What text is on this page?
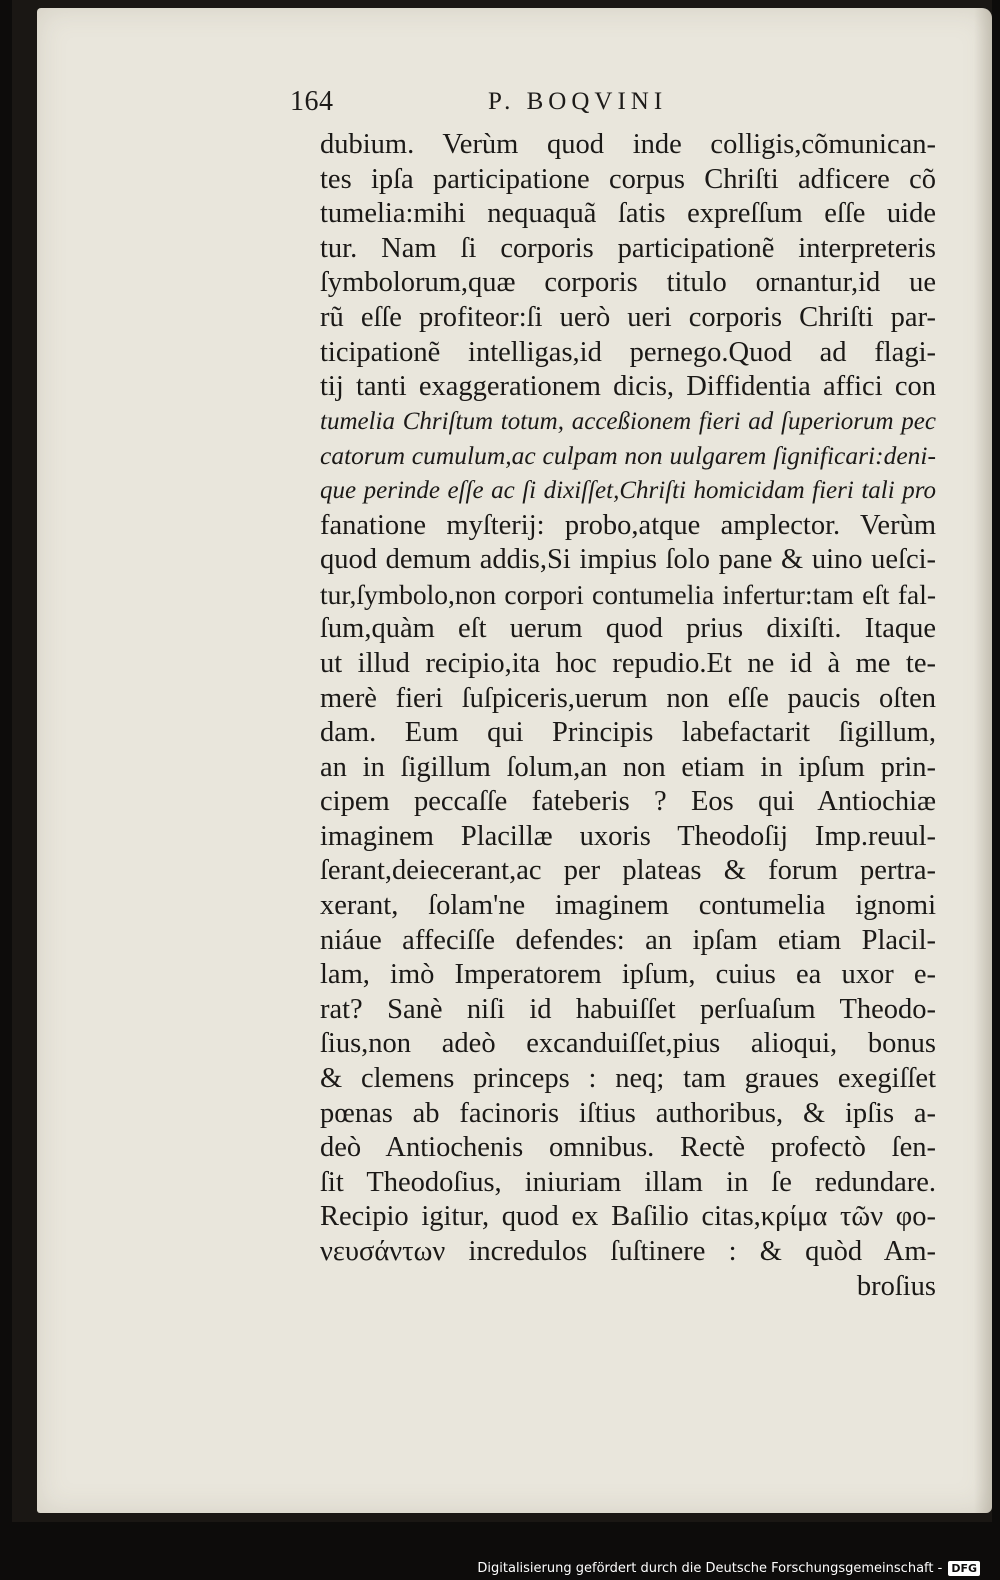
164	P. BOQVINI
dubium. Verùm quod inde colligis,cõmunican-
tes ipſa participatione corpus Chriſti adficere cõ
tumelia:mihi nequaquã ſatis expreſſum eſſe uide
tur. Nam ſi corporis participationẽ interpreteris
ſymbolorum,quæ corporis titulo ornantur,id ue
rũ eſſe profiteor:ſi uerò ueri corporis Chriſti par-
ticipationẽ intelligas,id pernego.Quod ad flagi-
tij tanti exaggerationem dicis, Diffidentia affici con
tumelia Chriſtum totum, acceßionem fieri ad ſuperiorum pec
catorum cumulum,ac culpam non uulgarem ſignificari:deni-
que perinde eſſe ac ſi dixiſſet,Chriſti homicidam fieri tali pro
fanatione myſterij: probo,atque amplector. Verùm
quod demum addis,Si impius ſolo pane & uino ueſci-
tur,ſymbolo,non corpori contumelia infertur:tam eſt fal-
ſum,quàm eſt uerum quod prius dixiſti. Itaque
ut illud recipio,ita hoc repudio.Et ne id à me te-
merè fieri ſuſpiceris,uerum non eſſe paucis oſten
dam. Eum qui Principis labefactarit ſigillum,
an in ſigillum ſolum,an non etiam in ipſum prin-
cipem peccaſſe fateberis ? Eos qui Antiochiæ
imaginem Placillæ uxoris Theodoſij Imp.reuul-
ſerant,deiecerant,ac per plateas & forum pertra-
xerant, ſolam'ne imaginem contumelia ignomi
niáue affeciſſe defendes: an ipſam etiam Placil-
lam, imò Imperatorem ipſum, cuius ea uxor e-
rat? Sanè niſi id habuiſſet perſuaſum Theodo-
ſius,non adeò excanduiſſet,pius alioqui, bonus
& clemens princeps : neq; tam graues exegiſſet
pœnas ab facinoris iſtius authoribus, & ipſis a-
deò Antiochenis omnibus. Rectè profectò ſen-
ſit Theodoſius, iniuriam illam in ſe redundare.
Recipio igitur, quod ex Baſilio citas,κρίμα τῶν φο-
νευσάντων incredulos ſuſtinere : & quòd Am-
broſius
Digitalisierung gefördert durch die Deutsche Forschungsgemeinschaft - DFG
